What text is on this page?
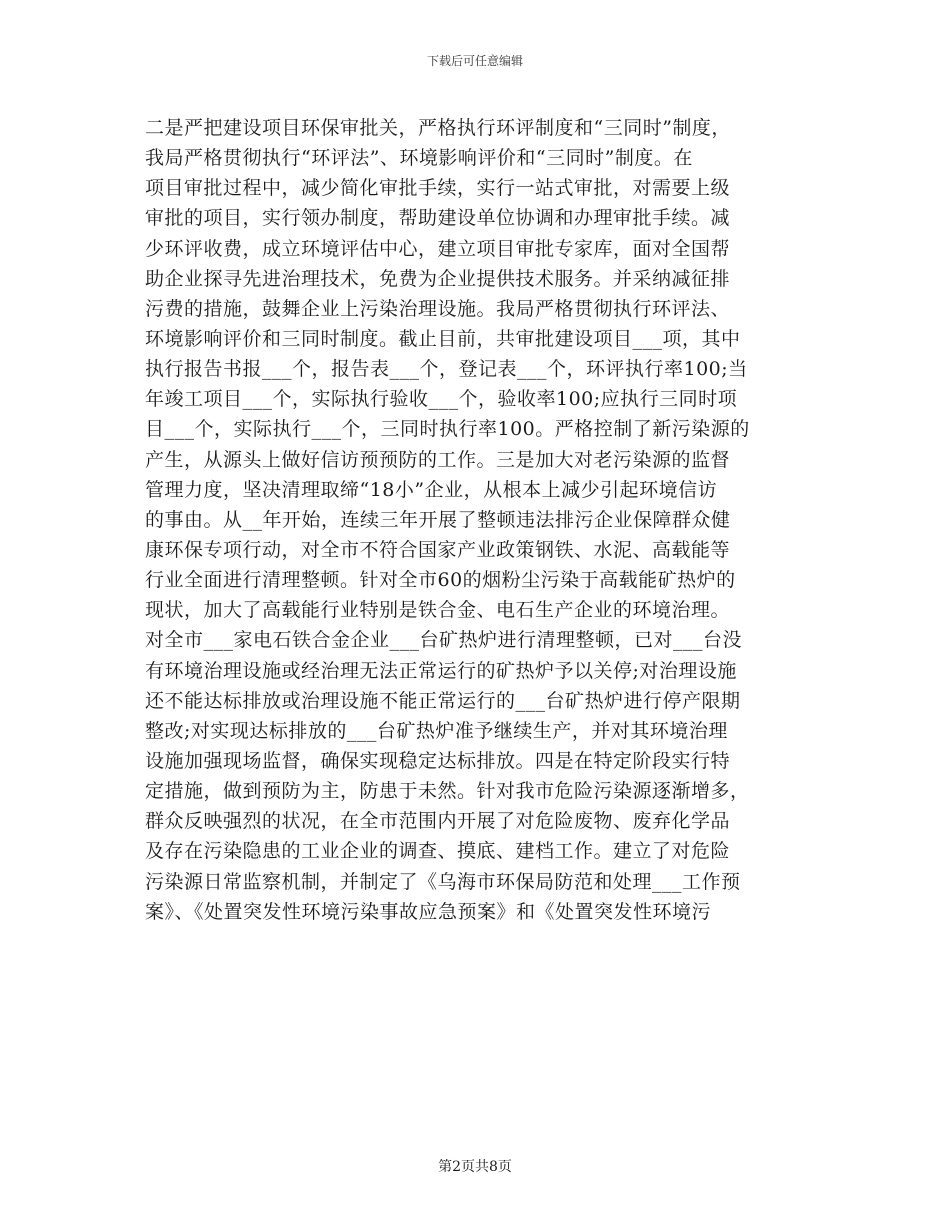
下载后可任意编辑
二是严把建设项目环保审批关，严格执行环评制度和“三同时”制度，
我局严格贯彻执行“环评法”、环境影响评价和“三同时”制度。在
项目审批过程中，减少简化审批手续，实行一站式审批，对需要上级
审批的项目，实行领办制度，帮助建设单位协调和办理审批手续。减
少环评收费，成立环境评估中心，建立项目审批专家库，面对全国帮
助企业探寻先进治理技术，免费为企业提供技术服务。并采纳减征排
污费的措施，鼓舞企业上污染治理设施。我局严格贯彻执行环评法、
环境影响评价和三同时制度。截止目前，共审批建设项目___项，其中
执行报告书报___个，报告表___个，登记表___个，环评执行率100;当
年竣工项目___个，实际执行验收___个，验收率100;应执行三同时项
目___个，实际执行___个，三同时执行率100。严格控制了新污染源的
产生，从源头上做好信访预预防的工作。三是加大对老污染源的监督
管理力度，坚决清理取缔“18小”企业，从根本上减少引起环境信访
的事由。从__年开始，连续三年开展了整顿违法排污企业保障群众健
康环保专项行动，对全市不符合国家产业政策钢铁、水泥、高载能等
行业全面进行清理整顿。针对全市60的烟粉尘污染于高载能矿热炉的
现状，加大了高载能行业特别是铁合金、电石生产企业的环境治理。
对全市___家电石铁合金企业___台矿热炉进行清理整顿，已对___台没
有环境治理设施或经治理无法正常运行的矿热炉予以关停;对治理设施
还不能达标排放或治理设施不能正常运行的___台矿热炉进行停产限期
整改;对实现达标排放的___台矿热炉准予继续生产，并对其环境治理
设施加强现场监督，确保实现稳定达标排放。四是在特定阶段实行特
定措施，做到预防为主，防患于未然。针对我市危险污染源逐渐增多，
群众反映强烈的状况，在全市范围内开展了对危险废物、废弃化学品
及存在污染隐患的工业企业的调查、摸底、建档工作。建立了对危险
污染源日常监察机制，并制定了《乌海市环保局防范和处理___工作预
案》、《处置突发性环境污染事故应急预案》和《处置突发性环境污
第2页共8页
